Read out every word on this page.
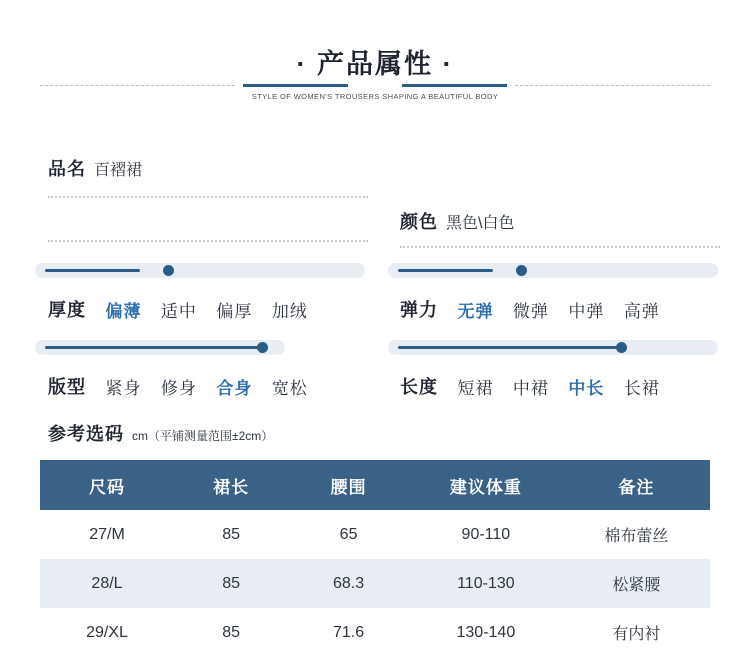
· 产品属性 ·
STYLE OF WOMEN'S TROUSERS SHAPING A BEAUTIFUL BODY
品名 百褶裙
颜色 黑色\白色
厚度 偏薄 适中 偏厚 加绒	弹力 无弹 微弹 中弹 高弹
版型 紧身 修身 合身 宽松	长度 短裙 中裙 中长 长裙
参考选码 cm（平铺测量范围±2cm）
尺码	裙长	腰围	建议体重	备注
27/M	85	65	90-110	棉布蕾丝
28/L	85	68.3	110-130	松紧腰
29/XL	85	71.6	130-140	有内衬
